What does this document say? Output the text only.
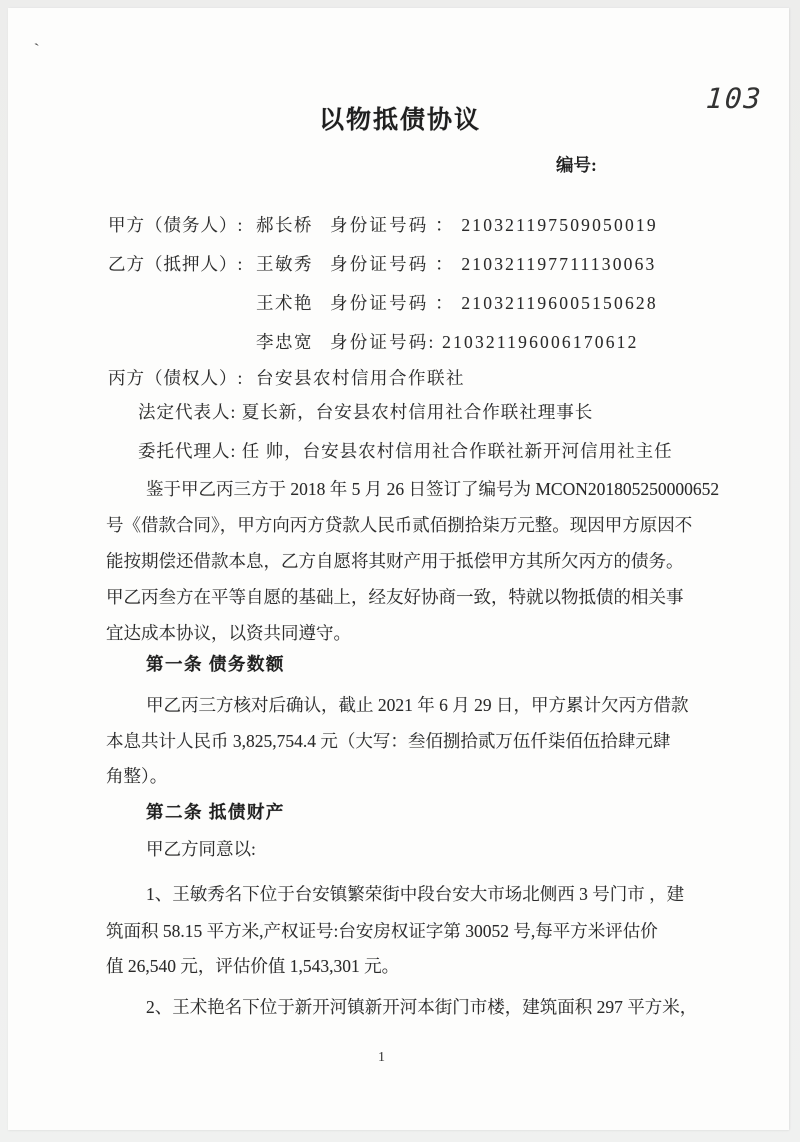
`
103
以物抵债协议
编号:
甲方（债务人）: 郝长桥 身份证号码 ： 210321197509050019
乙方（抵押人）: 王敏秀 身份证号码 ： 210321197711130063
王术艳 身份证号码 ： 210321196005150628
李忠宽 身份证号码: 210321196006170612
丙方（债权人）: 台安县农村信用合作联社
法定代表人: 夏长新，台安县农村信用社合作联社理事长
委托代理人: 任 帅，台安县农村信用社合作联社新开河信用社主任
鉴于甲乙丙三方于 2018 年 5 月 26 日签订了编号为 MCON201805250000652
号《借款合同》，甲方向丙方贷款人民币贰佰捌拾柒万元整。现因甲方原因不
能按期偿还借款本息，乙方自愿将其财产用于抵偿甲方其所欠丙方的债务。
甲乙丙叁方在平等自愿的基础上，经友好协商一致，特就以物抵债的相关事
宜达成本协议，以资共同遵守。
第一条 债务数额
甲乙丙三方核对后确认，截止 2021 年 6 月 29 日，甲方累计欠丙方借款
本息共计人民币 3,825,754.4 元（大写：叁佰捌拾贰万伍仟柒佰伍拾肆元肆
角整）。
第二条 抵债财产
甲乙方同意以:
1、王敏秀名下位于台安镇繁荣街中段台安大市场北侧西 3 号门市 ，建
筑面积 58.15 平方米,产权证号:台安房权证字第 30052 号,每平方米评估价
值 26,540 元，评估价值 1,543,301 元。
2、王术艳名下位于新开河镇新开河本街门市楼，建筑面积 297 平方米，
1
